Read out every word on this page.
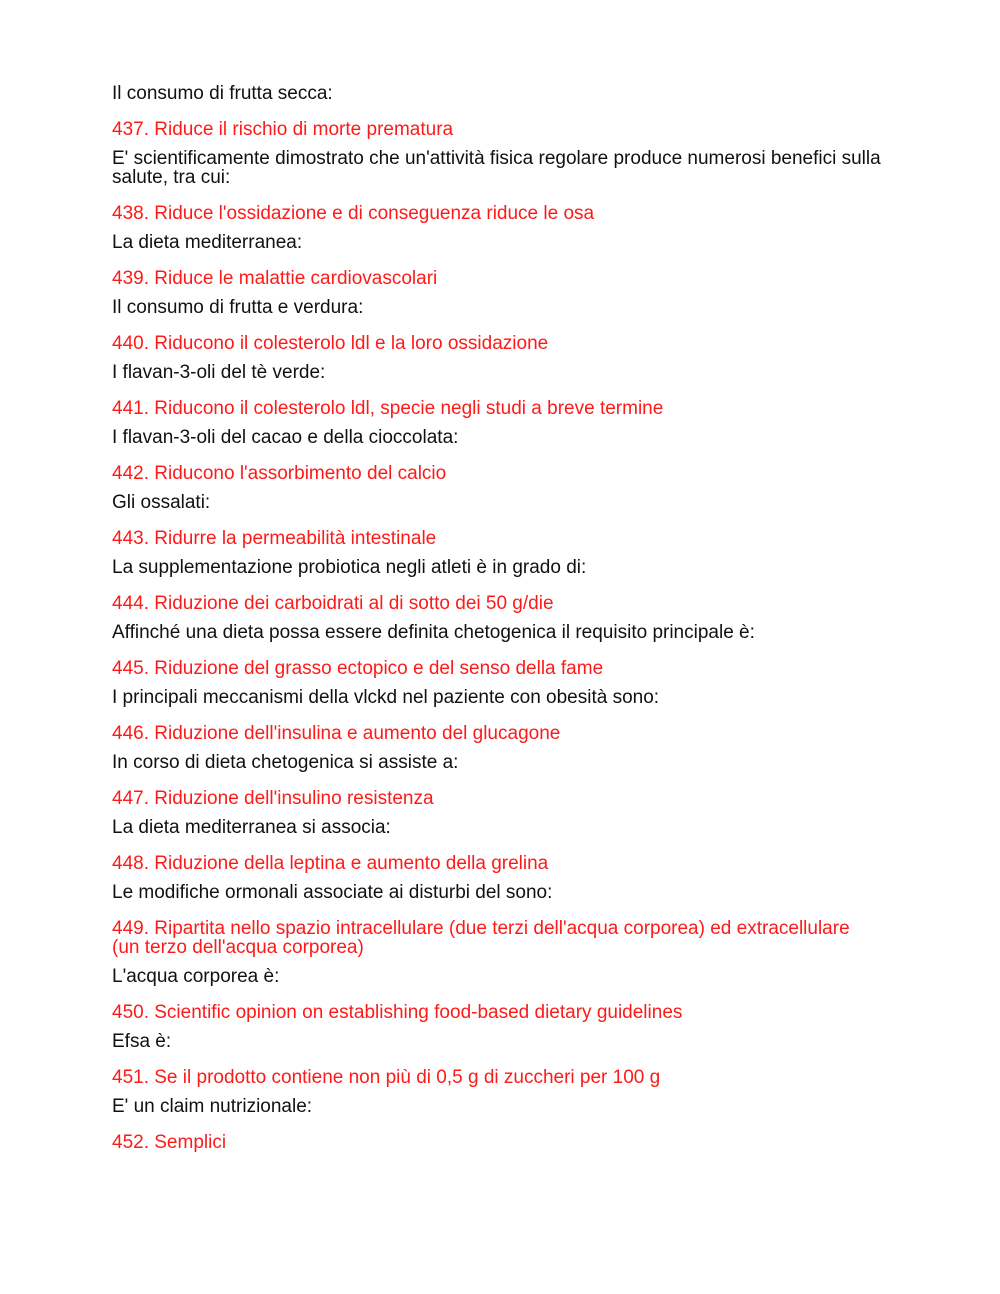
Il consumo di frutta secca:

437. Riduce il rischio di morte prematura

E' scientificamente dimostrato che un'attività fisica regolare produce numerosi benefici sulla salute, tra cui:

438. Riduce l'ossidazione e di conseguenza riduce le osa

La dieta mediterranea:

439. Riduce le malattie cardiovascolari

Il consumo di frutta e verdura:

440. Riducono il colesterolo ldl e la loro ossidazione

I flavan-3-oli del tè verde:

441. Riducono il colesterolo ldl, specie negli studi a breve termine

I flavan-3-oli del cacao e della cioccolata:

442. Riducono l'assorbimento del calcio

Gli ossalati:

443. Ridurre la permeabilità intestinale

La supplementazione probiotica negli atleti è in grado di:

444. Riduzione dei carboidrati al di sotto dei 50 g/die

Affinché una dieta possa essere definita chetogenica il requisito principale è:

445. Riduzione del grasso ectopico e del senso della fame

I principali meccanismi della vlckd nel paziente con obesità sono:

446. Riduzione dell'insulina e aumento del glucagone

In corso di dieta chetogenica si assiste a:

447. Riduzione dell'insulino resistenza

La dieta mediterranea si associa:

448. Riduzione della leptina e aumento della grelina

Le modifiche ormonali associate ai disturbi del sono:

449. Ripartita nello spazio intracellulare (due terzi dell'acqua corporea) ed extracellulare (un terzo dell'acqua corporea)

L'acqua corporea è:

450. Scientific opinion on establishing food-based dietary guidelines

Efsa è:

451. Se il prodotto contiene non più di 0,5 g di zuccheri per 100 g

E' un claim nutrizionale:

452. Semplici
